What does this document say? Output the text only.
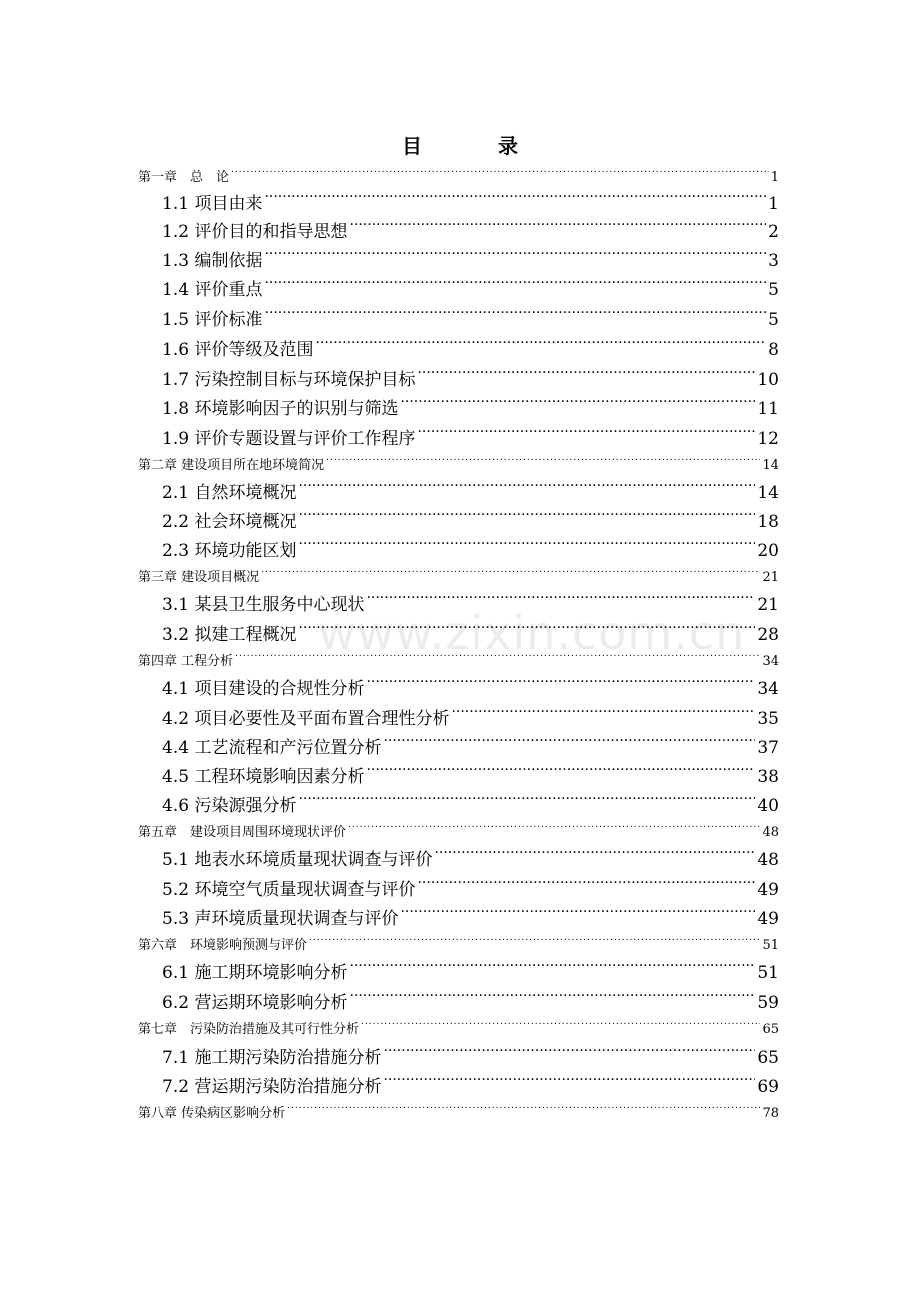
目　录
www.zixin.com.cn
第一章　总　论 .....	1
1.1 项目由来 .....	1
1.2 评价目的和指导思想 .....	2
1.3 编制依据 .....	3
1.4 评价重点 .....	5
1.5 评价标准 .....	5
1.6 评价等级及范围 .....	8
1.7 污染控制目标与环境保护目标 .....	10
1.8 环境影响因子的识别与筛选 .....	11
1.9 评价专题设置与评价工作程序 .....	12
第二章 建设项目所在地环境简况 .....	14
2.1 自然环境概况 .....	14
2.2 社会环境概况 .....	18
2.3 环境功能区划 .....	20
第三章 建设项目概况 .....	21
3.1 某县卫生服务中心现状 .....	21
3.2 拟建工程概况 .....	28
第四章 工程分析 .....	34
4.1 项目建设的合规性分析 .....	34
4.2 项目必要性及平面布置合理性分析 .....	35
4.4 工艺流程和产污位置分析 .....	37
4.5 工程环境影响因素分析 .....	38
4.6 污染源强分析 .....	40
第五章　建设项目周围环境现状评价 .....	48
5.1 地表水环境质量现状调查与评价 .....	48
5.2 环境空气质量现状调查与评价 .....	49
5.3 声环境质量现状调查与评价 .....	49
第六章　环境影响预测与评价 .....	51
6.1 施工期环境影响分析 .....	51
6.2 营运期环境影响分析 .....	59
第七章　污染防治措施及其可行性分析 .....	65
7.1 施工期污染防治措施分析 .....	65
7.2 营运期污染防治措施分析 .....	69
第八章 传染病区影响分析 .....	78
